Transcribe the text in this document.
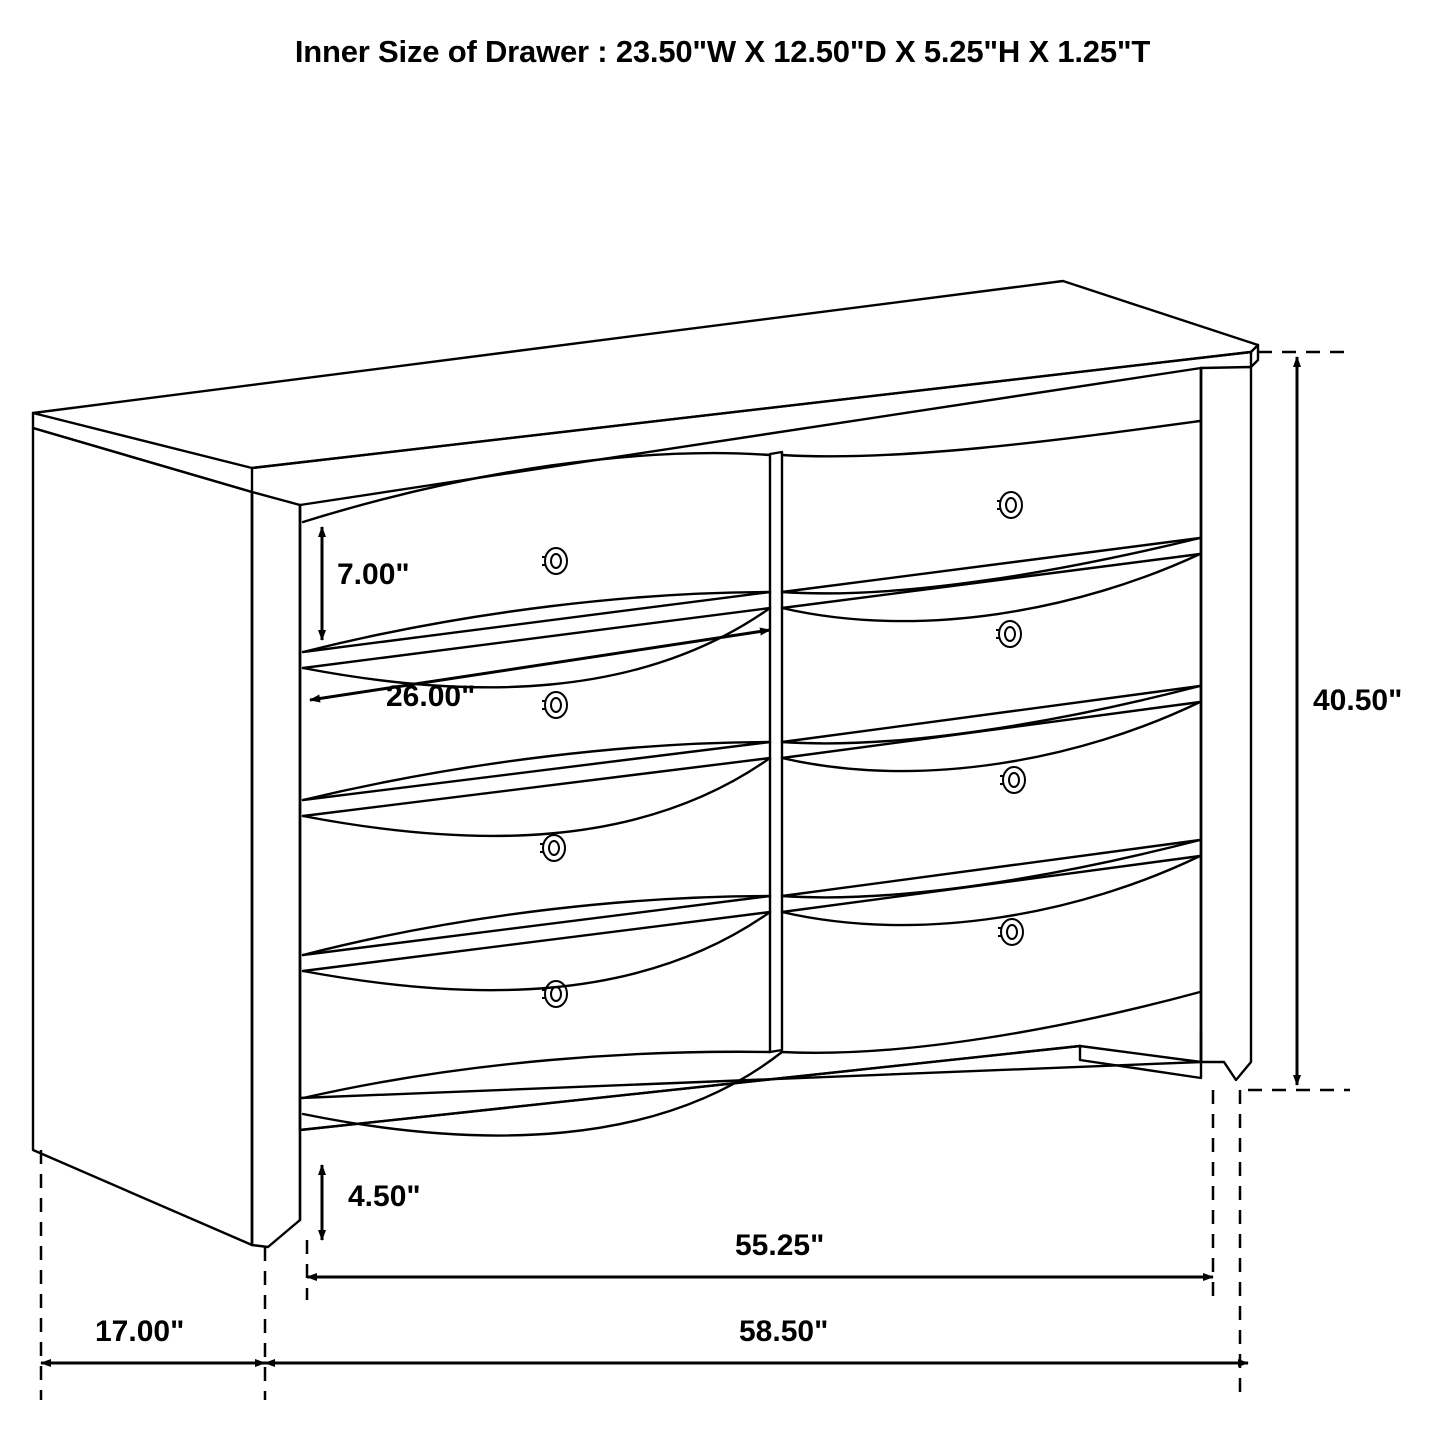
Inner Size of Drawer : 23.50"W X 12.50"D X 5.25"H X 1.25"T
7.00"
26.00"
4.50"
40.50"
55.25"
58.50"
17.00"
